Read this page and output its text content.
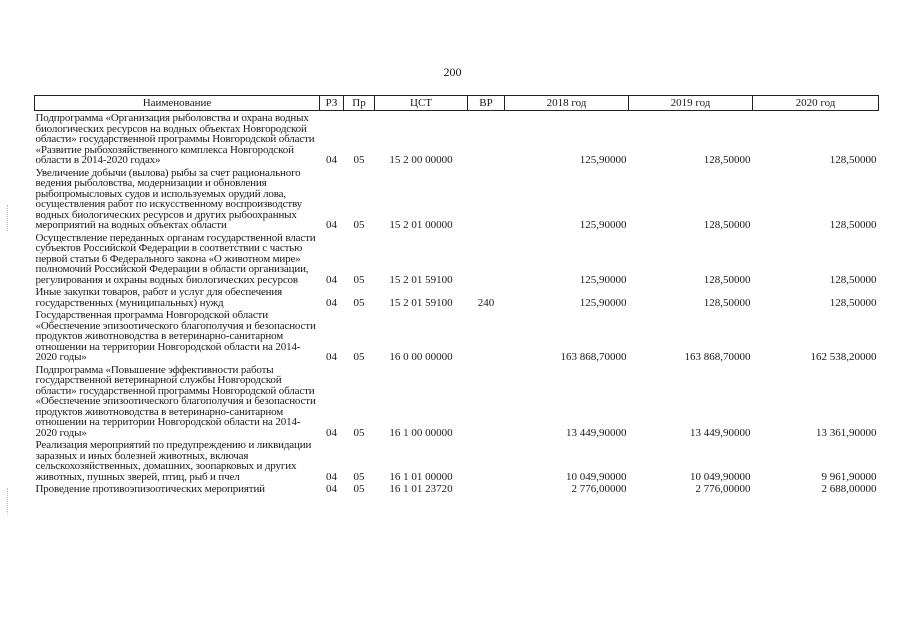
200
Наименование	РЗ	Пр	ЦСТ	ВР	2018 год	2019 год	2020 год
Подпрограмма «Организация рыболовства и охрана водных биологических ресурсов на водных объектах Новгородской области» государственной программы Новгородской области «Развитие рыбохозяйственного комплекса Новгородской области в 2014-2020 годах»	04	05	15 2 00 00000		125,90000	128,50000	128,50000
Увеличение добычи (вылова) рыбы за счет рационального ведения рыболовства, модернизации и обновления рыбопромысловых судов и используемых орудий лова, осуществления работ по искусственному воспроизводству водных биологических ресурсов и других рыбоохранных мероприятий на водных объектах области	04	05	15 2 01 00000		125,90000	128,50000	128,50000
Осуществление переданных органам государственной власти субъектов Российской Федерации в соответствии с частью первой статьи 6 Федерального закона «О животном мире» полномочий Российской Федерации в области организации, регулирования и охраны водных биологических ресурсов	04	05	15 2 01 59100		125,90000	128,50000	128,50000
Иные закупки товаров, работ и услуг для обеспечения государственных (муниципальных) нужд	04	05	15 2 01 59100	240	125,90000	128,50000	128,50000
Государственная программа Новгородской области «Обеспечение эпизоотического благополучия и безопасности продуктов животноводства в ветеринарно-санитарном отношении на территории Новгородской области на 2014-2020 годы»	04	05	16 0 00 00000		163 868,70000	163 868,70000	162 538,20000
Подпрограмма «Повышение эффективности работы государственной ветеринарной службы Новгородской области» государственной программы Новгородской области «Обеспечение эпизоотического благополучия и безопасности продуктов животноводства в ветеринарно-санитарном отношении на территории Новгородской области на 2014-2020 годы»	04	05	16 1 00 00000		13 449,90000	13 449,90000	13 361,90000
Реализация мероприятий по предупреждению и ликвидации заразных и иных болезней животных, включая сельскохозяйственных, домашних, зоопарковых и других животных, пушных зверей, птиц, рыб и пчел	04	05	16 1 01 00000		10 049,90000	10 049,90000	9 961,90000
Проведение противоэпизоотических мероприятий	04	05	16 1 01 23720		2 776,00000	2 776,00000	2 688,00000
